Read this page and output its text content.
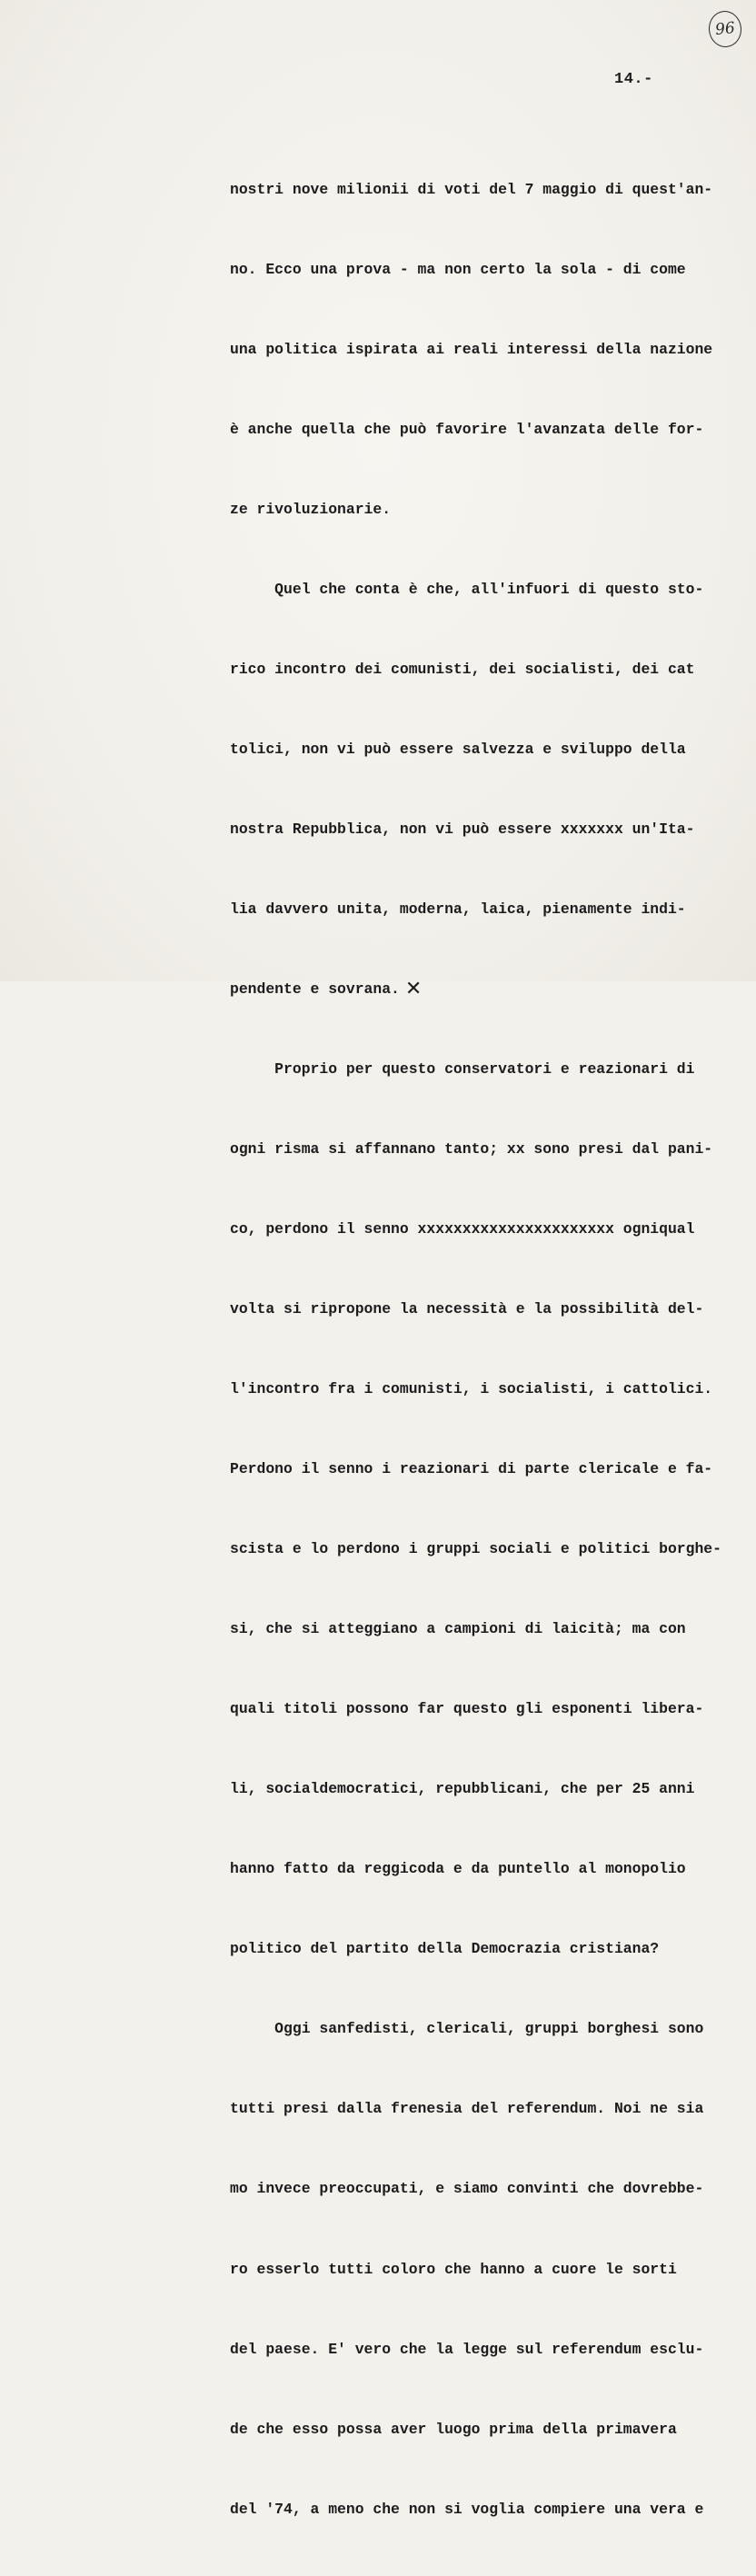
96
14.-

nostri nove milionii di voti del 7 maggio di quest'an-

no. Ecco una prova - ma non certo la sola - di come

una politica ispirata ai reali interessi della nazione

è anche quella che può favorire l'avanzata delle for-

ze rivoluzionarie.

Quel che conta è che, all'infuori di questo sto-

rico incontro dei comunisti, dei socialisti, dei cat

tolici, non vi può essere salvezza e sviluppo della

nostra Repubblica, non vi può essere xxxxxxx un'Ita-

lia davvero unita, moderna, laica, pienamente indi-

pendente e sovrana. ✕

Proprio per questo conservatori e reazionari di

ogni risma si affannano tanto; xx sono presi dal pani-

co, perdono il senno xxxxxxxxxxxxxxxxxxxxxx ogniqual

volta si ripropone la necessità e la possibilità del-

l'incontro fra i comunisti, i socialisti, i cattolici.

Perdono il senno i reazionari di parte clericale e fa-

scista e lo perdono i gruppi sociali e politici borghe-

si, che si atteggiano a campioni di laicità; ma con

quali titoli possono far questo gli esponenti libera-

li, socialdemocratici, repubblicani, che per 25 anni

hanno fatto da reggicoda e da puntello al monopolio

politico del partito della Democrazia cristiana?

Oggi sanfedisti, clericali, gruppi borghesi sono

tutti presi dalla frenesia del referendum. Noi ne sia

mo invece preoccupati, e siamo convinti che dovrebbe-

ro esserlo tutti coloro che hanno a cuore le sorti

del paese. E' vero che la legge sul referendum esclu-

de che esso possa aver luogo prima della primavera

del '74, a meno che non si voglia compiere una vera e
